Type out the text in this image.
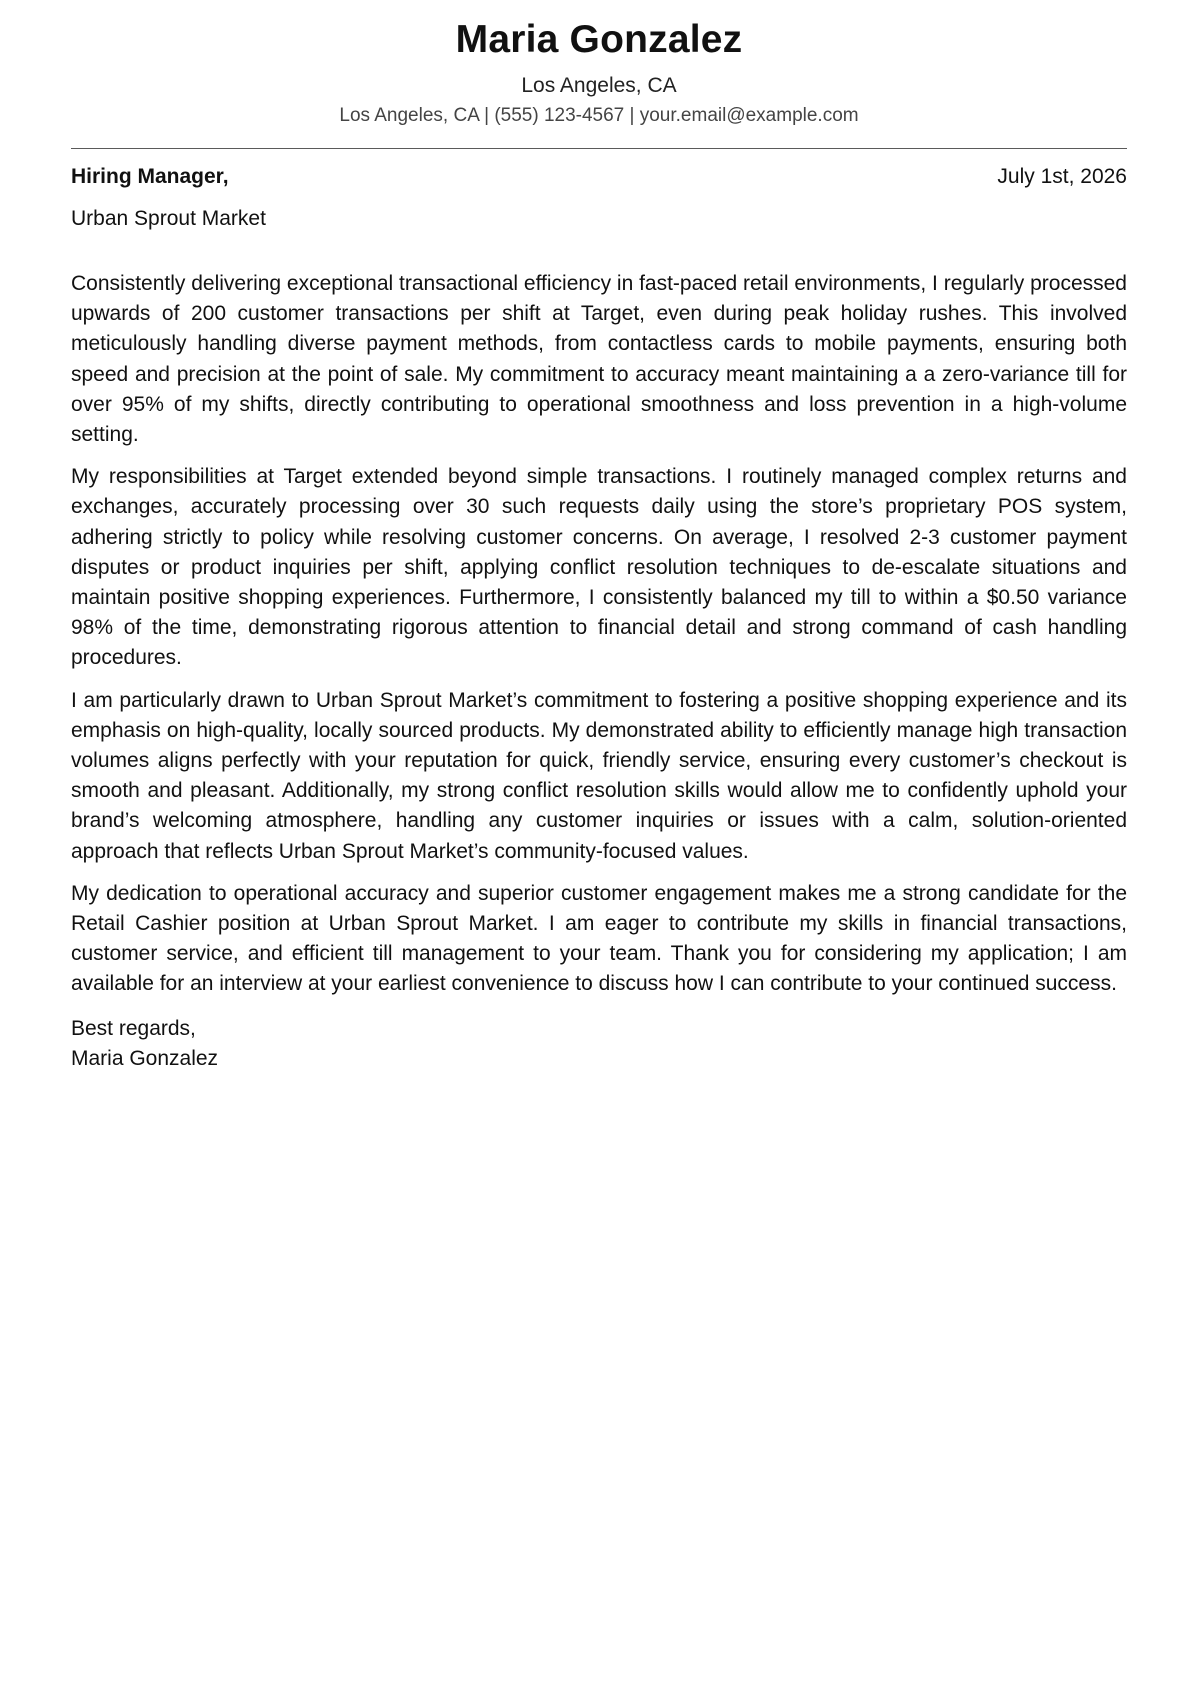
Maria Gonzalez
Los Angeles, CA
Los Angeles, CA | (555) 123-4567 | your.email@example.com
Hiring Manager,	July 1st, 2026
Urban Sprout Market

Consistently delivering exceptional transactional efficiency in fast-paced retail environments, I regularly processed upwards of 200 customer transactions per shift at Target, even during peak holiday rushes. This involved meticulously handling diverse payment methods, from contactless cards to mobile payments, ensuring both speed and precision at the point of sale. My commitment to accuracy meant maintaining a a zero-variance till for over 95% of my shifts, directly contributing to operational smoothness and loss prevention in a high-volume setting.

My responsibilities at Target extended beyond simple transactions. I routinely managed complex returns and exchanges, accurately processing over 30 such requests daily using the store’s proprietary POS system, adhering strictly to policy while resolving customer concerns. On average, I resolved 2-3 customer payment disputes or product inquiries per shift, applying conflict resolution techniques to de-escalate situations and maintain positive shopping experiences. Furthermore, I consistently balanced my till to within a $0.50 variance 98% of the time, demonstrating rigorous attention to financial detail and strong command of cash handling procedures.

I am particularly drawn to Urban Sprout Market’s commitment to fostering a positive shopping experience and its emphasis on high-quality, locally sourced products. My demonstrated ability to efficiently manage high transaction volumes aligns perfectly with your reputation for quick, friendly service, ensuring every customer’s checkout is smooth and pleasant. Additionally, my strong conflict resolution skills would allow me to confidently uphold your brand’s welcoming atmosphere, handling any customer inquiries or issues with a calm, solution-oriented approach that reflects Urban Sprout Market’s community-focused values.

My dedication to operational accuracy and superior customer engagement makes me a strong candidate for the Retail Cashier position at Urban Sprout Market. I am eager to contribute my skills in financial transactions, customer service, and efficient till management to your team. Thank you for considering my application; I am available for an interview at your earliest convenience to discuss how I can contribute to your continued success.

Best regards,
Maria Gonzalez
